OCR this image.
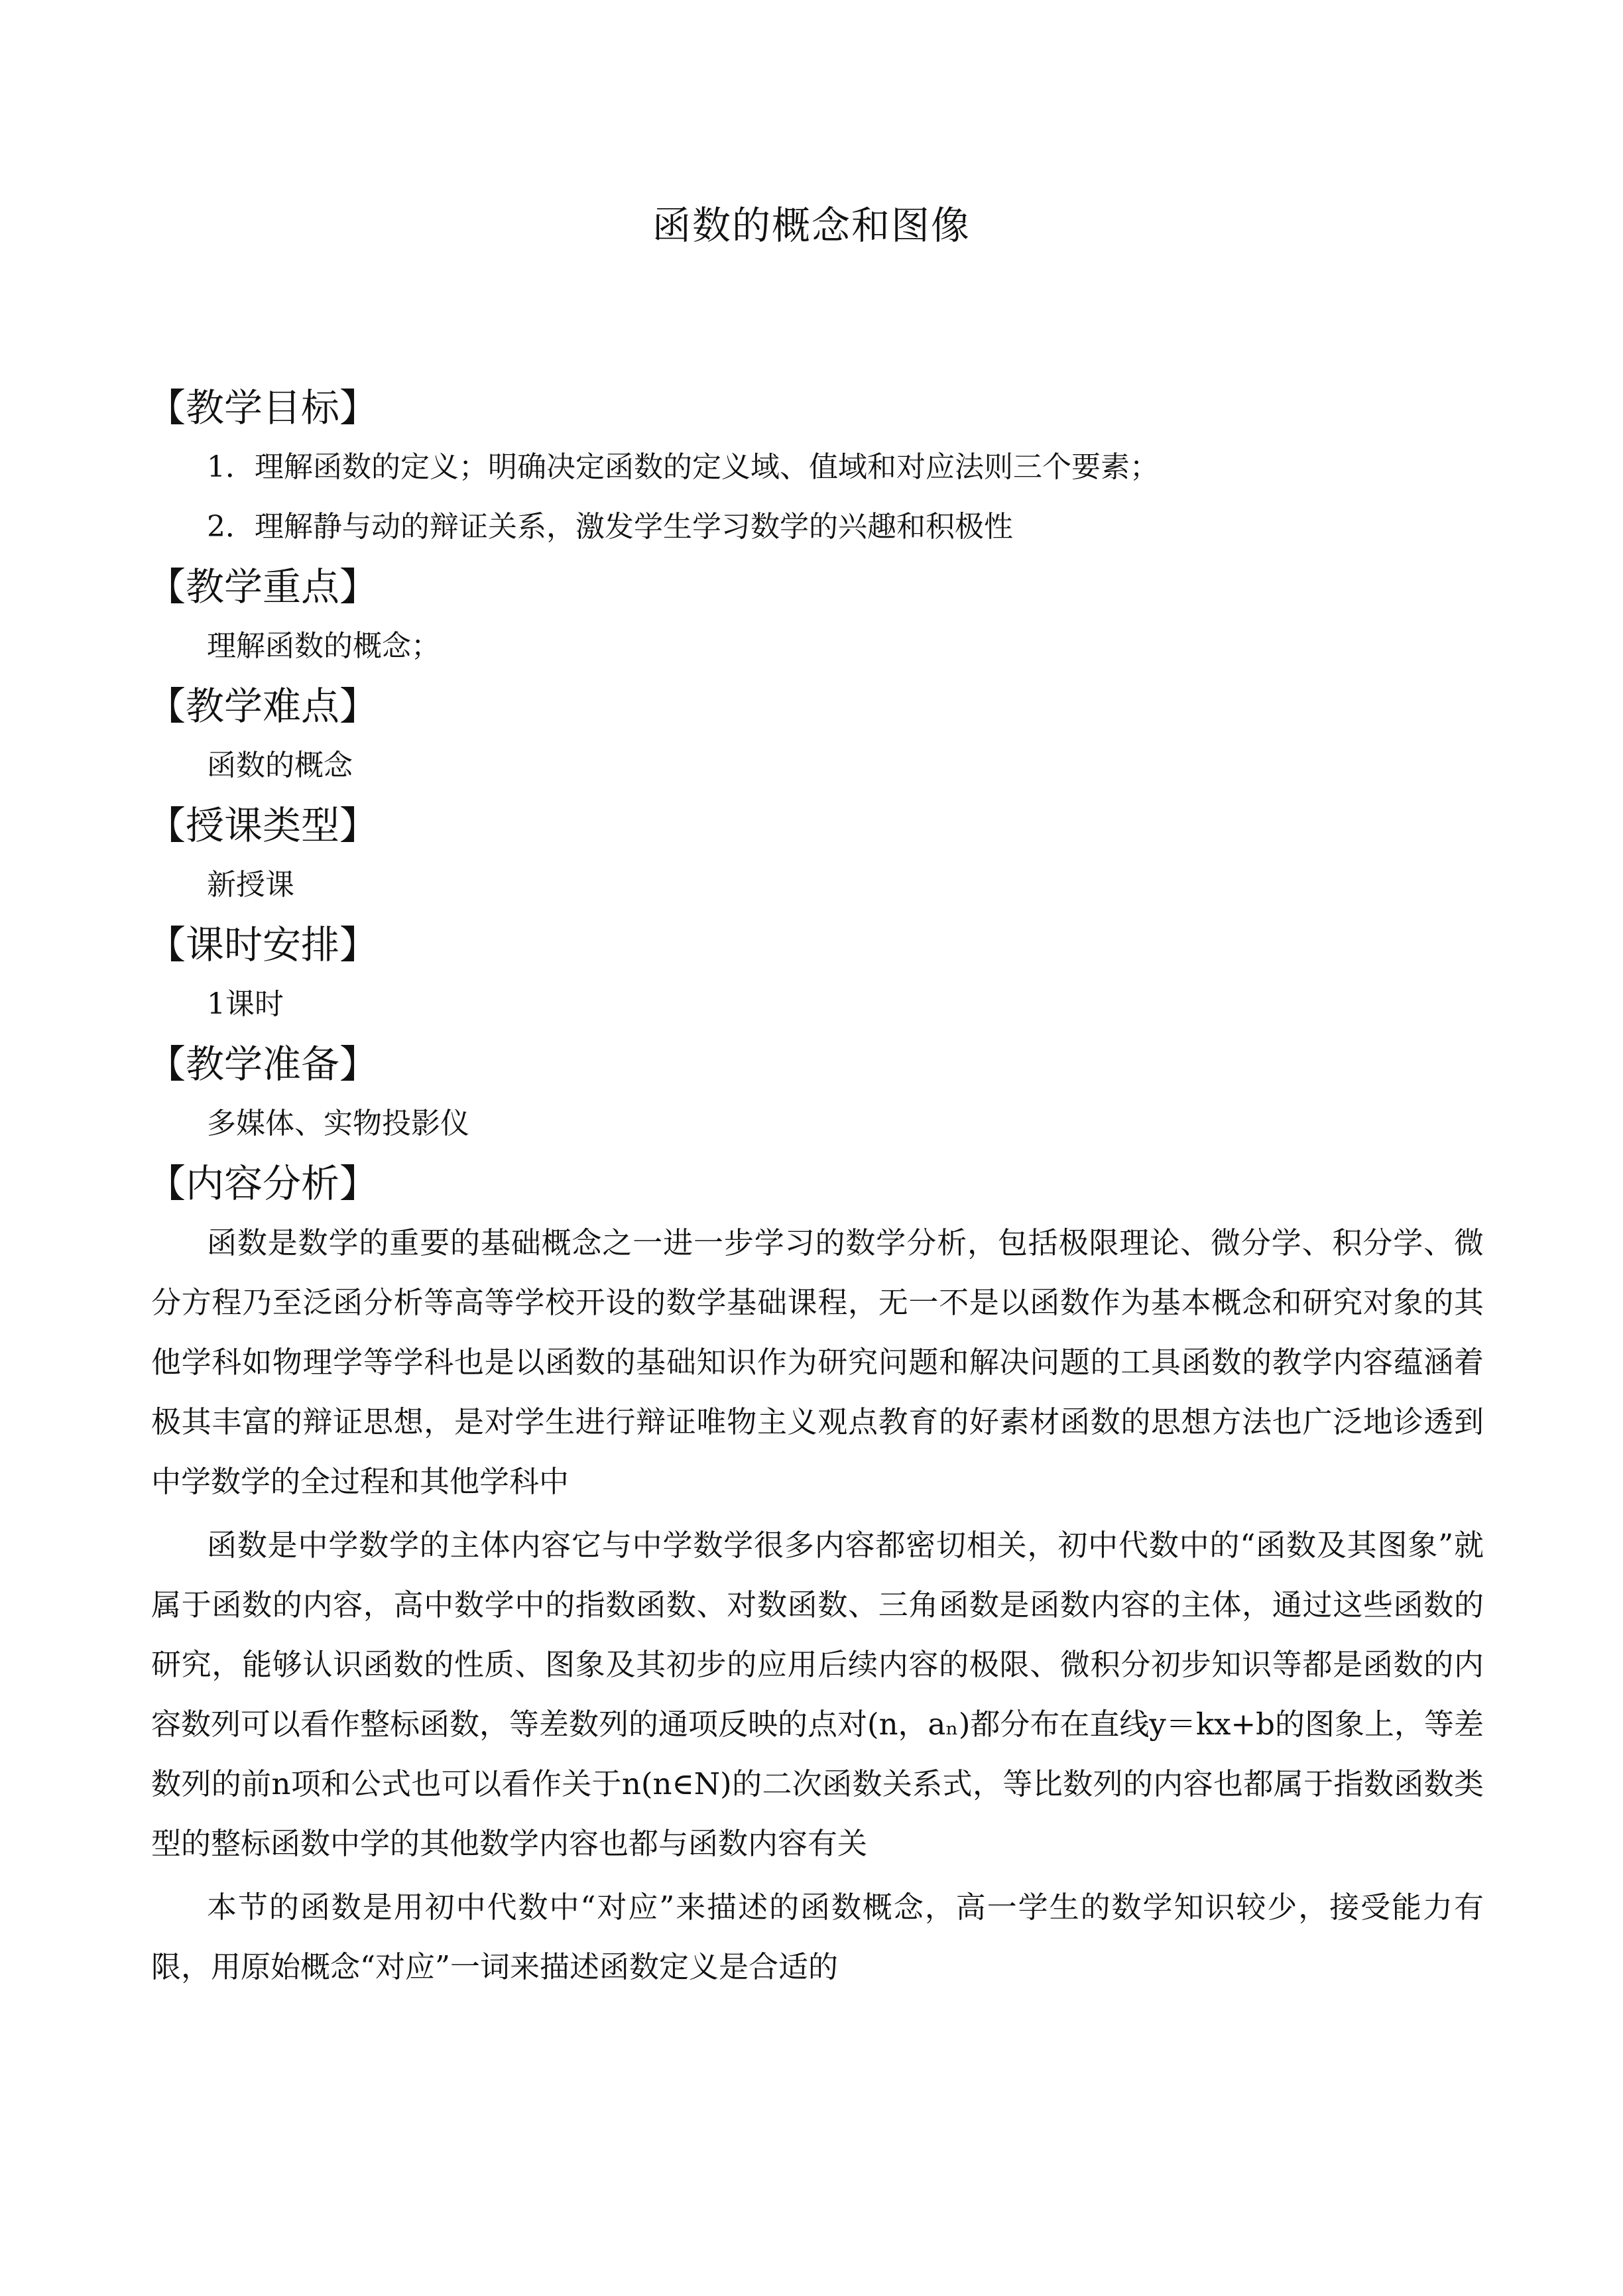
函数的概念和图像
【教学目标】
1．理解函数的定义；明确决定函数的定义域、值域和对应法则三个要素；
2．理解静与动的辩证关系，激发学生学习数学的兴趣和积极性
【教学重点】
理解函数的概念；
【教学难点】
函数的概念
【授课类型】
新授课
【课时安排】
1课时
【教学准备】
多媒体、实物投影仪
【内容分析】

函数是数学的重要的基础概念之一进一步学习的数学分析，包括极限理论、微分学、积分学、微分方程乃至泛函分析等高等学校开设的数学基础课程，无一不是以函数作为基本概念和研究对象的其他学科如物理学等学科也是以函数的基础知识作为研究问题和解决问题的工具函数的教学内容蕴涵着极其丰富的辩证思想，是对学生进行辩证唯物主义观点教育的好素材函数的思想方法也广泛地诊透到中学数学的全过程和其他学科中

函数是中学数学的主体内容它与中学数学很多内容都密切相关，初中代数中的“函数及其图象”就属于函数的内容，高中数学中的指数函数、对数函数、三角函数是函数内容的主体，通过这些函数的研究，能够认识函数的性质、图象及其初步的应用后续内容的极限、微积分初步知识等都是函数的内容数列可以看作整标函数，等差数列的通项反映的点对(n，aₙ)都分布在直线y＝kx+b的图象上，等差数列的前n项和公式也可以看作关于n(n∈N)的二次函数关系式，等比数列的内容也都属于指数函数类型的整标函数中学的其他数学内容也都与函数内容有关

本节的函数是用初中代数中“对应”来描述的函数概念，高一学生的数学知识较少，接受能力有限，用原始概念“对应”一词来描述函数定义是合适的
